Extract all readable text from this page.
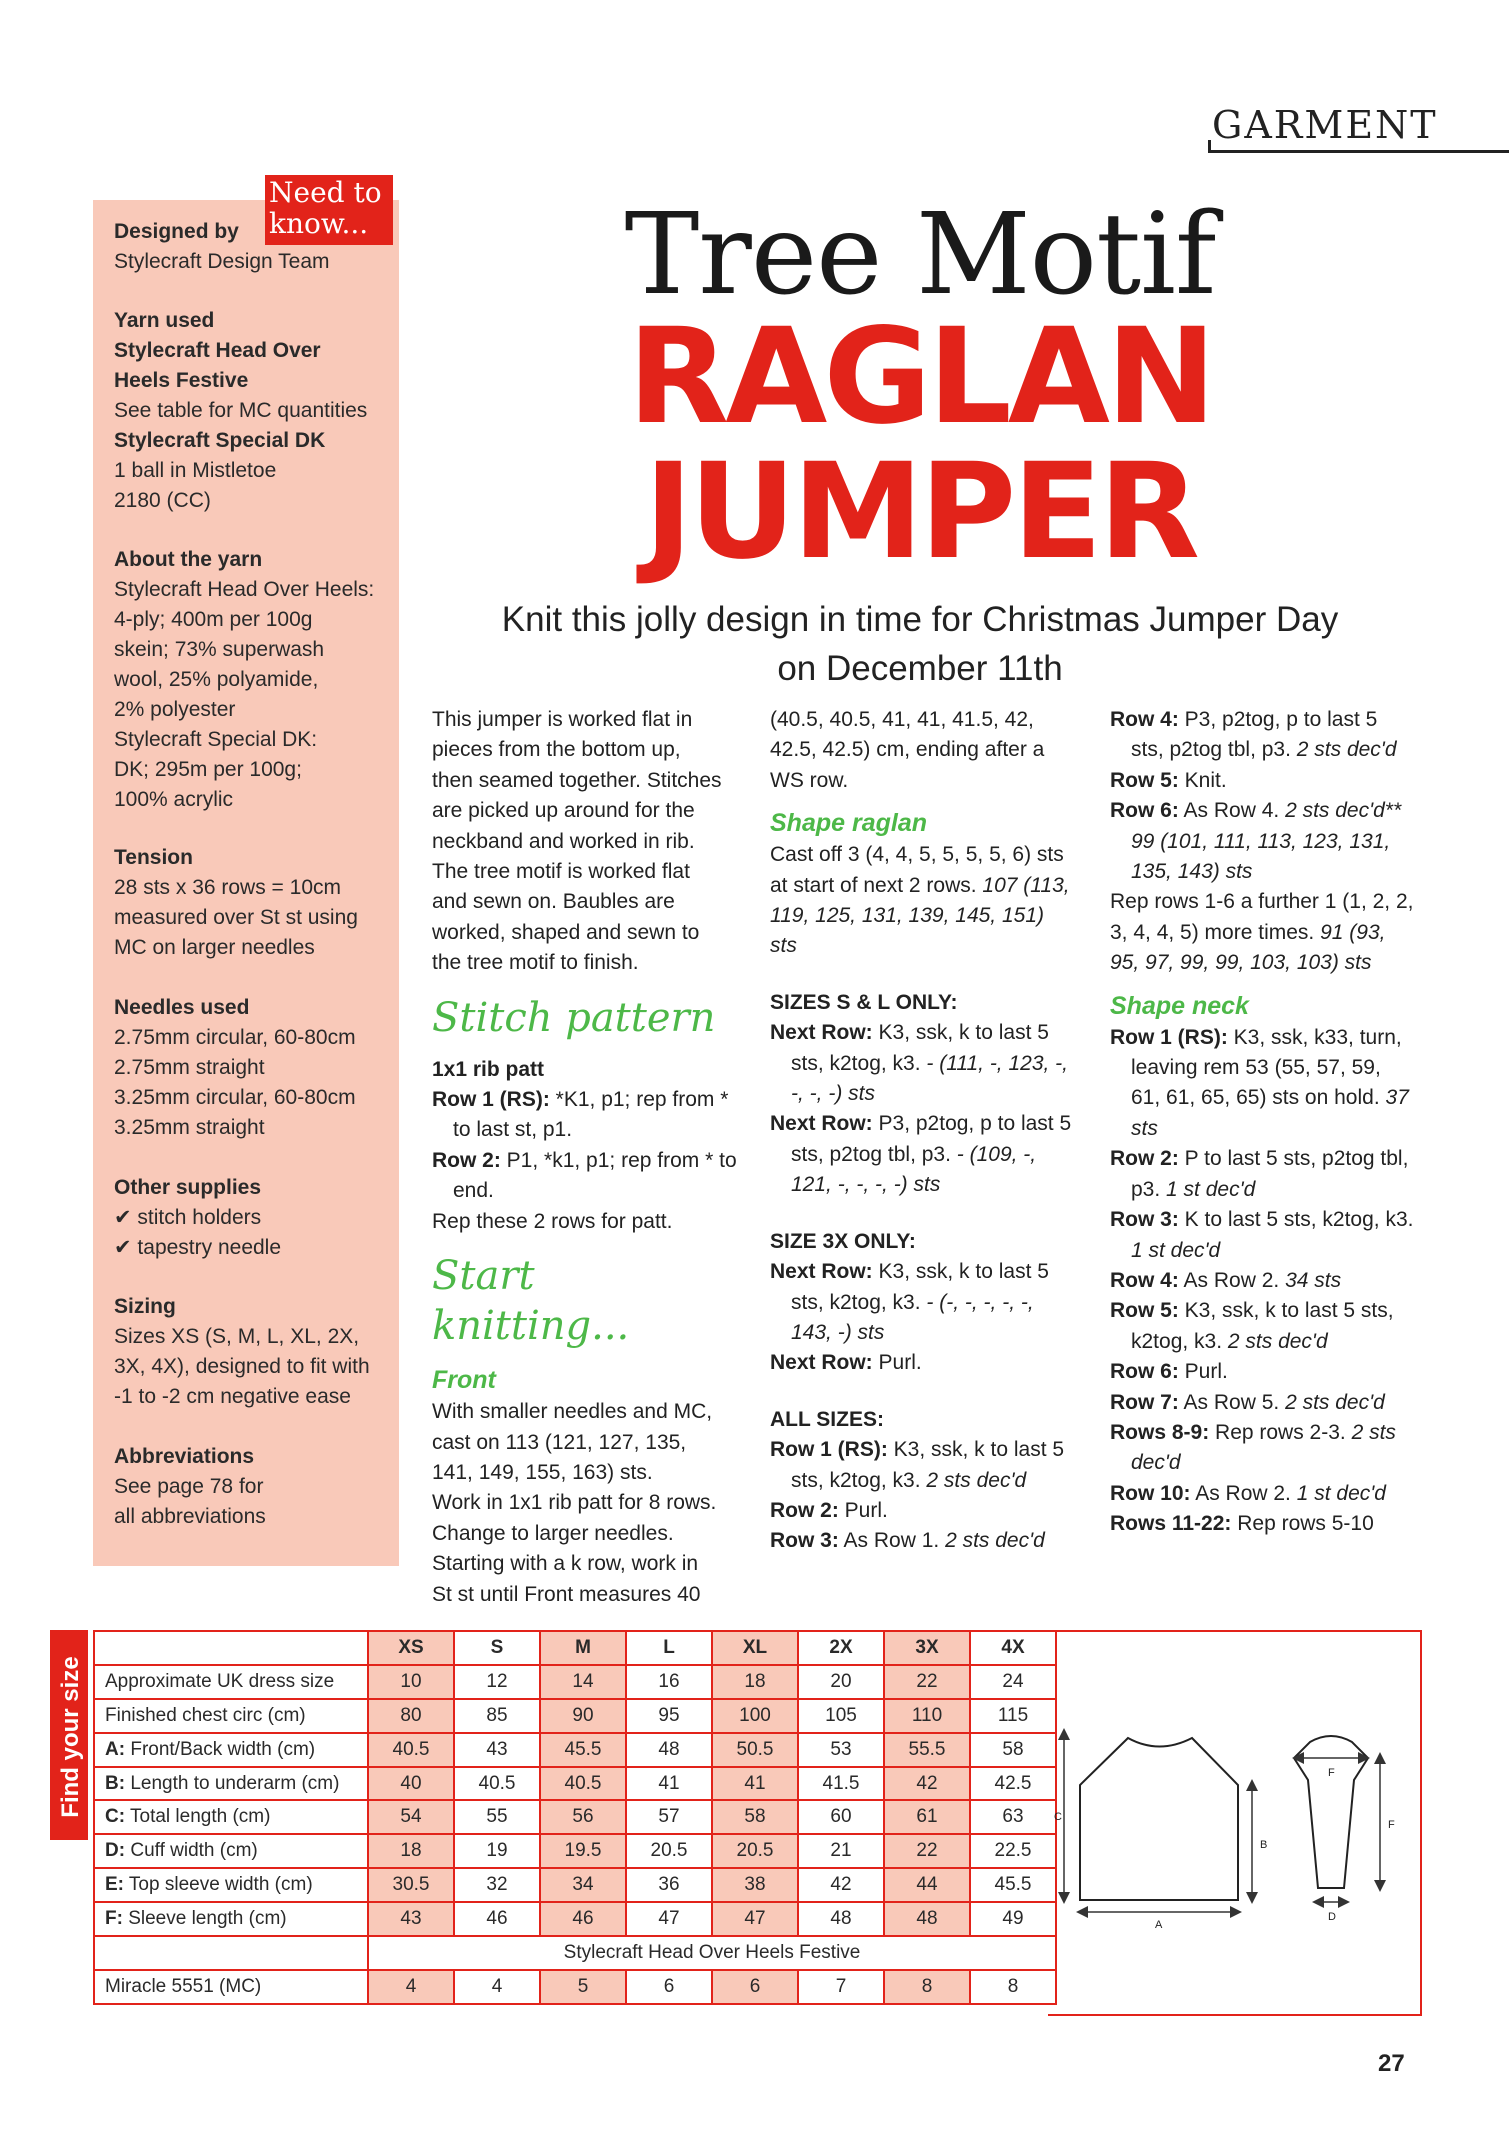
GARMENT
Need to
know...
Designed by
Stylecraft Design Team
Yarn used
Stylecraft Head Over
Heels Festive
See table for MC quantities
Stylecraft Special DK
1 ball in Mistletoe
2180 (CC)
About the yarn
Stylecraft Head Over Heels:
4-ply; 400m per 100g
skein; 73% superwash
wool, 25% polyamide,
2% polyester
Stylecraft Special DK:
DK; 295m per 100g;
100% acrylic
Tension
28 sts x 36 rows = 10cm
measured over St st using
MC on larger needles
Needles used
2.75mm circular, 60-80cm
2.75mm straight
3.25mm circular, 60-80cm
3.25mm straight
Other supplies
✔ stitch holders
✔ tapestry needle
Sizing
Sizes XS (S, M, L, XL, 2X,
3X, 4X), designed to fit with
-1 to -2 cm negative ease
Abbreviations
See page 78 for
all abbreviations
Tree Motif
RAGLAN
JUMPER
Knit this jolly design in time for Christmas Jumper Day
on December 11th

This jumper is worked flat in

pieces from the bottom up,

then seamed together. Stitches

are picked up around for the

neckband and worked in rib.

The tree motif is worked flat

and sewn on. Baubles are

worked, shaped and sewn to

the tree motif to finish.

Stitch pattern

1x1 rib patt

Row 1 (RS): *K1, p1; rep from * to last st, p1.

Row 2: P1, *k1, p1; rep from * to end.

Rep these 2 rows for patt.

Start knitting...

Front

With smaller needles and MC,

cast on 113 (121, 127, 135,

141, 149, 155, 163) sts.

Work in 1x1 rib patt for 8 rows.

Change to larger needles.

Starting with a k row, work in

St st until Front measures 40

(40.5, 40.5, 41, 41, 41.5, 42,

42.5, 42.5) cm, ending after a

WS row.

Shape raglan

Cast off 3 (4, 4, 5, 5, 5, 5, 6) sts at start of next 2 rows. 107 (113, 119, 125, 131, 139, 145, 151) sts

SIZES S & L ONLY:

Next Row: K3, ssk, k to last 5 sts, k2tog, k3. - (111, -, 123, -, -, -, -) sts

Next Row: P3, p2tog, p to last 5 sts, p2tog tbl, p3. - (109, -, 121, -, -, -, -) sts

SIZE 3X ONLY:

Next Row: K3, ssk, k to last 5 sts, k2tog, k3. - (-, -, -, -, -, 143, -) sts

Next Row: Purl.

ALL SIZES:

Row 1 (RS): K3, ssk, k to last 5 sts, k2tog, k3. 2 sts dec'd

Row 2: Purl.

Row 3: As Row 1. 2 sts dec'd

Row 4: P3, p2tog, p to last 5 sts, p2tog tbl, p3. 2 sts dec'd

Row 5: Knit.

Row 6: As Row 4. 2 sts dec'd** 99 (101, 111, 113, 123, 131, 135, 143) sts

Rep rows 1-6 a further 1 (1, 2, 2, 3, 4, 4, 5) more times. 91 (93, 95, 97, 99, 99, 103, 103) sts

Shape neck

Row 1 (RS): K3, ssk, k33, turn, leaving rem 53 (55, 57, 59, 61, 61, 65, 65) sts on hold. 37 sts

Row 2: P to last 5 sts, p2tog tbl, p3. 1 st dec'd

Row 3: K to last 5 sts, k2tog, k3. 1 st dec'd

Row 4: As Row 2. 34 sts

Row 5: K3, ssk, k to last 5 sts, k2tog, k3. 2 sts dec'd

Row 6: Purl.

Row 7: As Row 5. 2 sts dec'd

Rows 8-9: Rep rows 2-3. 2 sts dec'd

Row 10: As Row 2. 1 st dec'd

Rows 11-22: Rep rows 5-10

Find your size
	XS	S	M	L	XL	2X	3X	4X
Approximate UK dress size	10	12	14	16	18	20	22	24
Finished chest circ (cm)	80	85	90	95	100	105	110	115
A: Front/Back width (cm)	40.5	43	45.5	48	50.5	53	55.5	58
B: Length to underarm (cm)	40	40.5	40.5	41	41	41.5	42	42.5
C: Total length (cm)	54	55	56	57	58	60	61	63
D: Cuff width (cm)	18	19	19.5	20.5	20.5	21	22	22.5
E: Top sleeve width (cm)	30.5	32	34	36	38	42	44	45.5
F: Sleeve length (cm)	43	46	46	47	47	48	48	49
	Stylecraft Head Over Heels Festive							
Miracle 5551 (MC)	4	4	5	6	6	7	8	8
C
B
A
F
F
D
27
